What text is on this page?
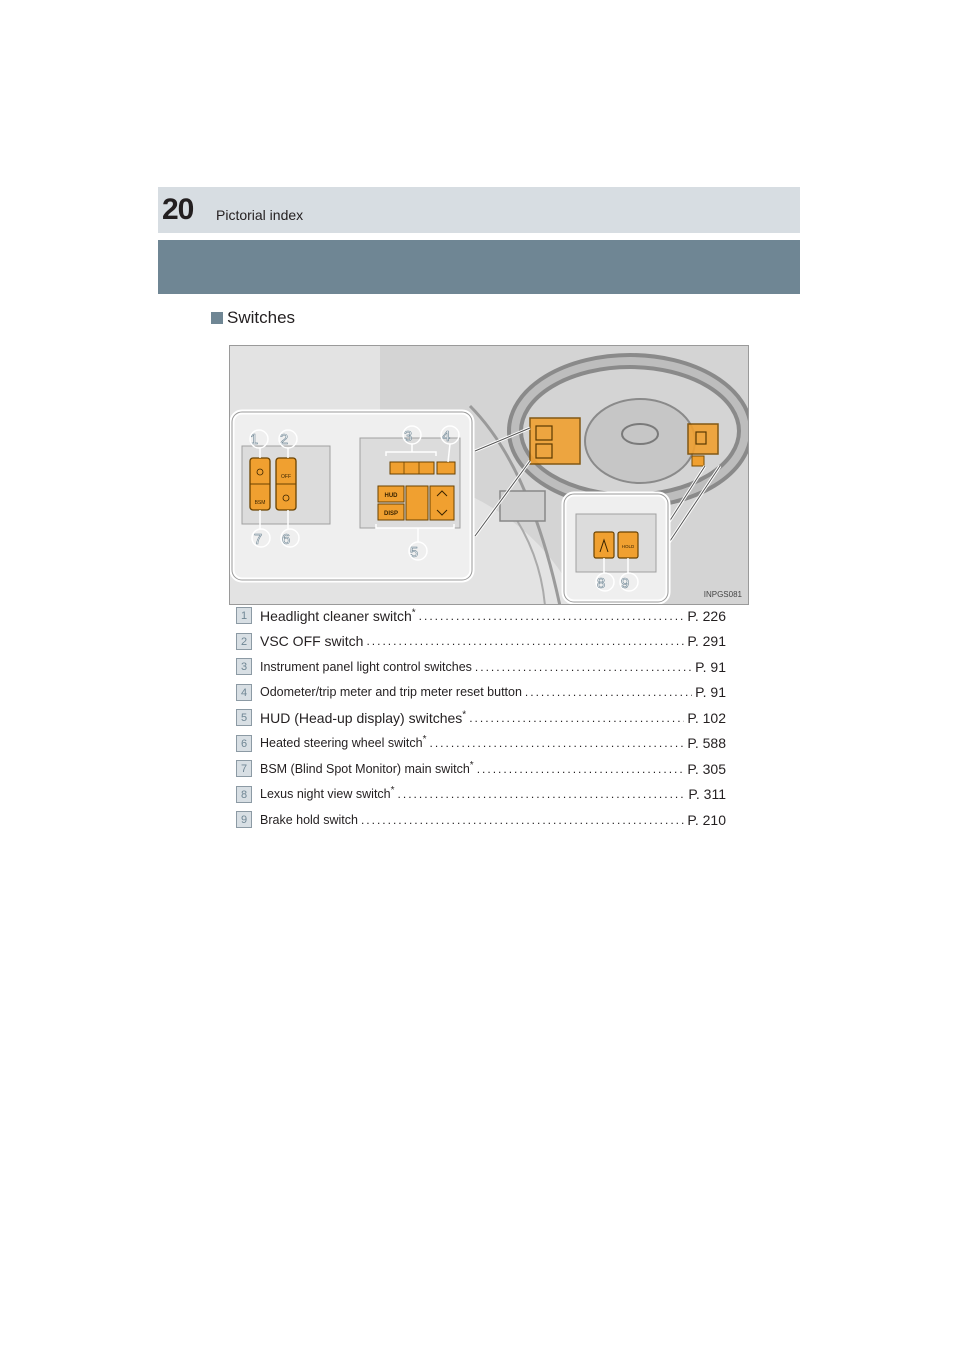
20 Pictorial index
Switches
OFF
BSM
HUD
DISP
1 2	3 4
5
6
7	HOLD
8 9
INPGS081
1 Headlight cleaner switch* .....	P. 226
2 VSC OFF switch .....	P. 291
3	Instrument panel light control switches .....	P. 91
4	Odometer/trip meter and trip meter reset button .....	P. 91
5 HUD (Head-up display) switches* .....	P. 102
6	Heated steering wheel switch* .....	P. 588
7	BSM (Blind Spot Monitor) main switch* .....	P. 305
8	Lexus night view switch* .....	P. 311
9	Brake hold switch .....	P. 210
